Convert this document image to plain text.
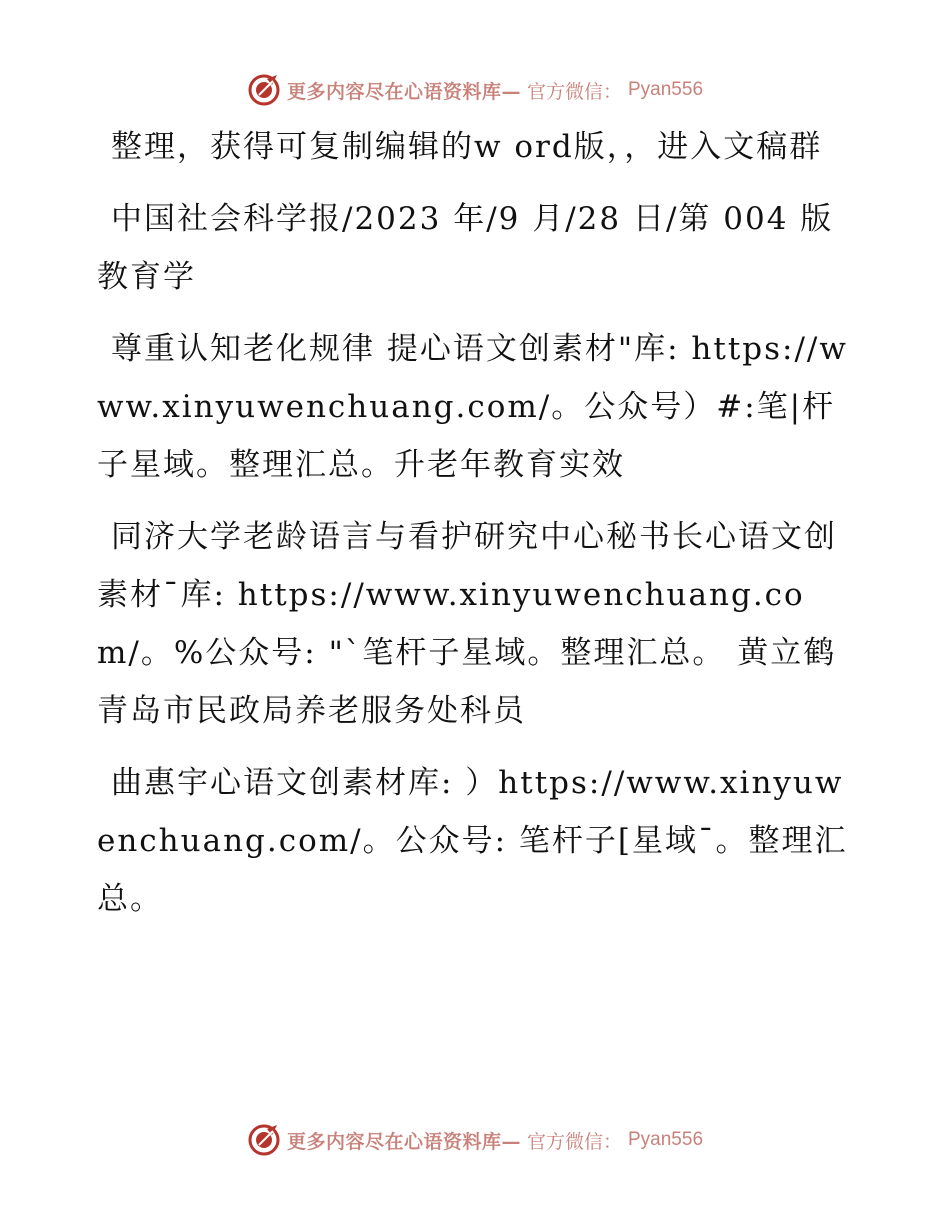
更多内容尽在心语资料库— 官方微信： Pyan556

整理，获得可复制编辑的w ord版，，进入文稿群

中国社会科学报/2023 年/9 月/28 日/第 004 版教育学

尊重认知老化规律 提心语文创素材"库: https://www.xinyuwenchuang.com/。公众号）#:笔|杆子星域。整理汇总。升老年教育实效

同济大学老龄语言与看护研究中心秘书长心语文创素材¯库: https://www.xinyuwenchuang.com/。%公众号: "`笔杆子星域。整理汇总。 黄立鹤 青岛市民政局养老服务处科员

曲惠宇心语文创素材库: ）https://www.xinyuwenchuang.com/。公众号: 笔杆子[星域¯。整理汇总。

更多内容尽在心语资料库— 官方微信： Pyan556
